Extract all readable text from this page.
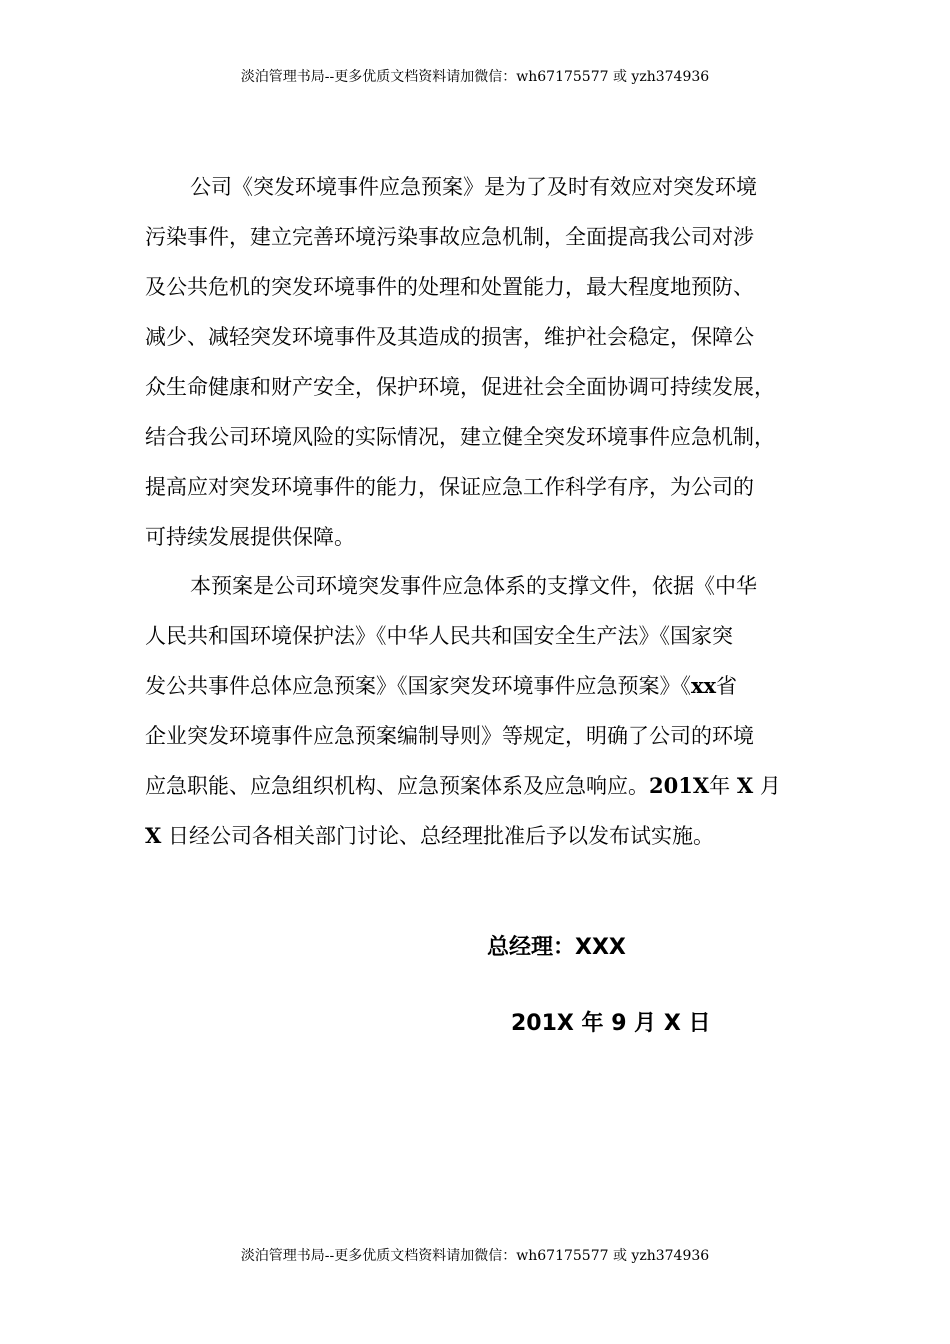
淡泊管理书局--更多优质文档资料请加微信：wh67175577 或 yzh374936
公司《突发环境事件应急预案》是为了及时有效应对突发环境
污染事件，建立完善环境污染事故应急机制，全面提高我公司对涉
及公共危机的突发环境事件的处理和处置能力，最大程度地预防、
减少、减轻突发环境事件及其造成的损害，维护社会稳定，保障公
众生命健康和财产安全，保护环境，促进社会全面协调可持续发展，
结合我公司环境风险的实际情况，建立健全突发环境事件应急机制，
提高应对突发环境事件的能力，保证应急工作科学有序，为公司的
可持续发展提供保障。
本预案是公司环境突发事件应急体系的支撑文件，依据《中华
人民共和国环境保护法》《中华人民共和国安全生产法》《国家突
发公共事件总体应急预案》《国家突发环境事件应急预案》《xx省
企业突发环境事件应急预案编制导则》等规定，明确了公司的环境
应急职能、应急组织机构、应急预案体系及应急响应。201X年 X 月
X 日经公司各相关部门讨论、总经理批准后予以发布试实施。
总经理：XXX
201X 年 9 月 X 日
淡泊管理书局--更多优质文档资料请加微信：wh67175577 或 yzh374936
